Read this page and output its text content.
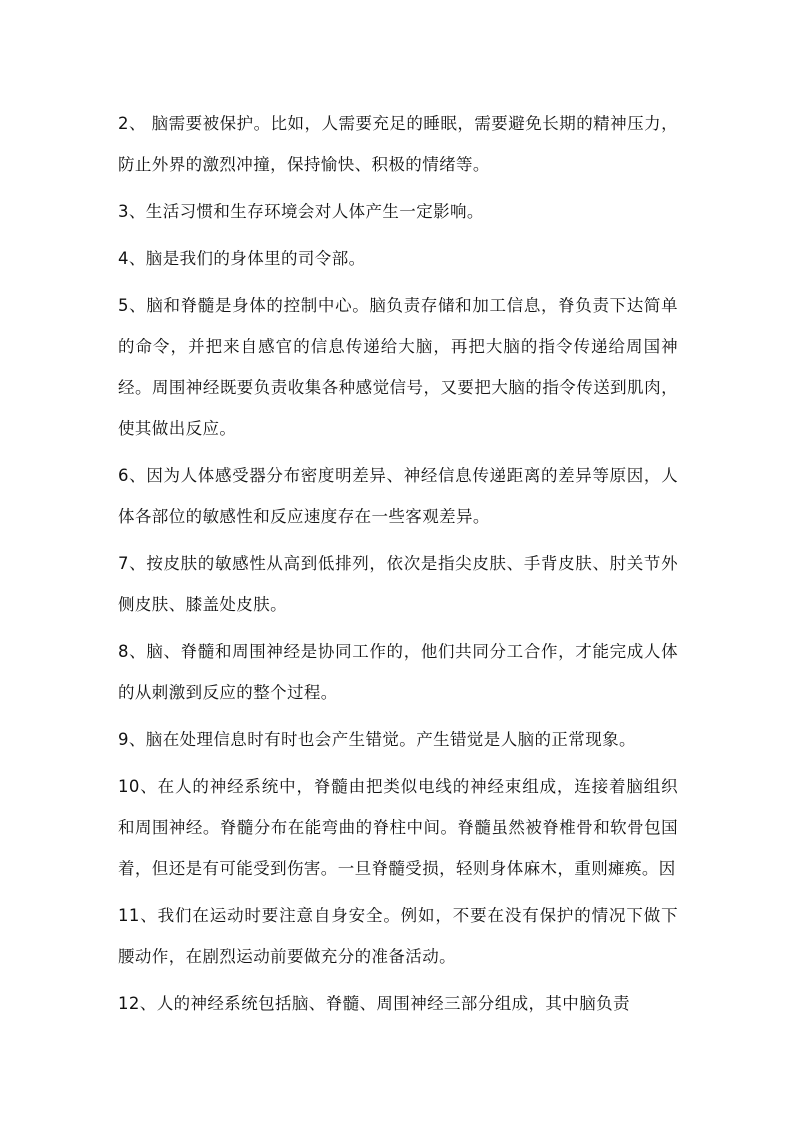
2、 脑需要被保护。比如，人需要充足的睡眠，需要避免长期的精神压力，防止外界的激烈冲撞，保持愉快、积极的情绪等。

3、生活习惯和生存环境会对人体产生一定影响。

4、脑是我们的身体里的司令部。

5、脑和脊髓是身体的控制中心。脑负责存储和加工信息，脊负责下达简单的命令，并把来自感官的信息传递给大脑，再把大脑的指令传递给周国神经。周围神经既要负责收集各种感觉信号，又要把大脑的指令传送到肌肉，使其做出反应。

6、因为人体感受器分布密度明差异、神经信息传递距离的差异等原因，人体各部位的敏感性和反应速度存在一些客观差异。

7、按皮肤的敏感性从高到低排列，依次是指尖皮肤、手背皮肤、肘关节外侧皮肤、膝盖处皮肤。

8、脑、脊髓和周围神经是协同工作的，他们共同分工合作，才能完成人体的从刺激到反应的整个过程。

9、脑在处理信息时有时也会产生错觉。产生错觉是人脑的正常现象。

10、在人的神经系统中，脊髓由把类似电线的神经束组成，连接着脑组织和周围神经。脊髓分布在能弯曲的脊柱中间。脊髓虽然被脊椎骨和软骨包国着，但还是有可能受到伤害。一旦脊髓受损，轻则身体麻木，重则瘫痪。因

11、我们在运动时要注意自身安全。例如，不要在没有保护的情况下做下腰动作，在剧烈运动前要做充分的准备活动。

12、人的神经系统包括脑、脊髓、周围神经三部分组成，其中脑负责
